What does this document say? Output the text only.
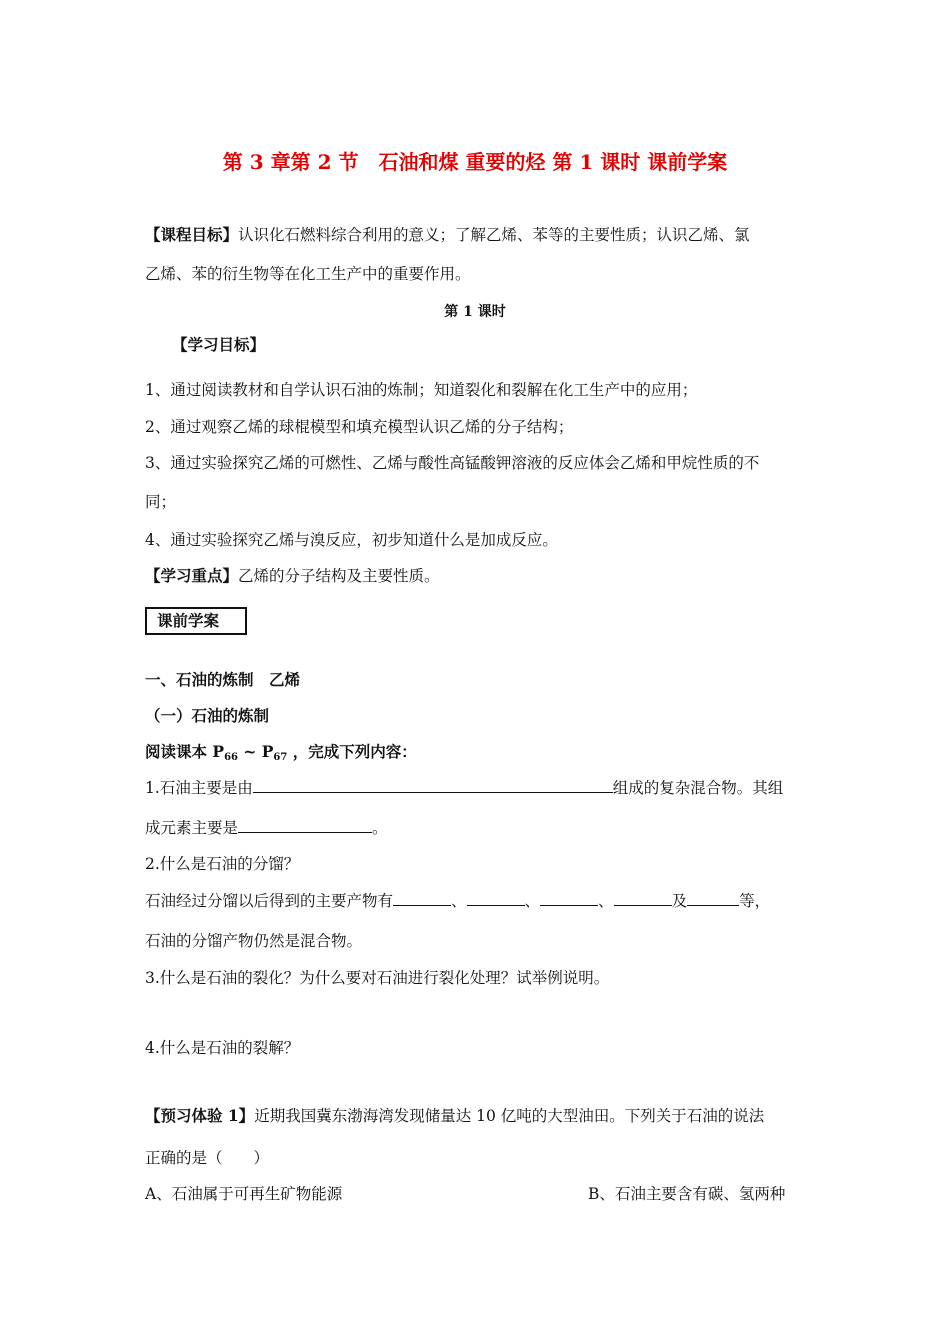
第 3 章第 2 节　石油和煤 重要的烃 第 1 课时 课前学案
【课程目标】认识化石燃料综合利用的意义；了解乙烯、苯等的主要性质；认识乙烯、氯
乙烯、苯的衍生物等在化工生产中的重要作用。
第 1 课时
【学习目标】
1、通过阅读教材和自学认识石油的炼制；知道裂化和裂解在化工生产中的应用；
2、通过观察乙烯的球棍模型和填充模型认识乙烯的分子结构；
3、通过实验探究乙烯的可燃性、乙烯与酸性高锰酸钾溶液的反应体会乙烯和甲烷性质的不
同；
4、通过实验探究乙烯与溴反应，初步知道什么是加成反应。
【学习重点】乙烯的分子结构及主要性质。
课前学案
一、石油的炼制　乙烯
（一）石油的炼制
阅读课本 $P_{66}$ ~ $P_{67}$ ，完成下列内容：
1.石油主要是由	组成的复杂混合物。其组
成元素主要是	。
2.什么是石油的分馏？
石油经过分馏以后得到的主要产物有	、	、	、	及	等，
石油的分馏产物仍然是混合物。
3.什么是石油的裂化？为什么要对石油进行裂化处理？试举例说明。
4.什么是石油的裂解？
【预习体验 1】近期我国冀东渤海湾发现储量达 10 亿吨的大型油田。下列关于石油的说法
正确的是（　　）
A、石油属于可再生矿物能源	B、石油主要含有碳、氢两种
